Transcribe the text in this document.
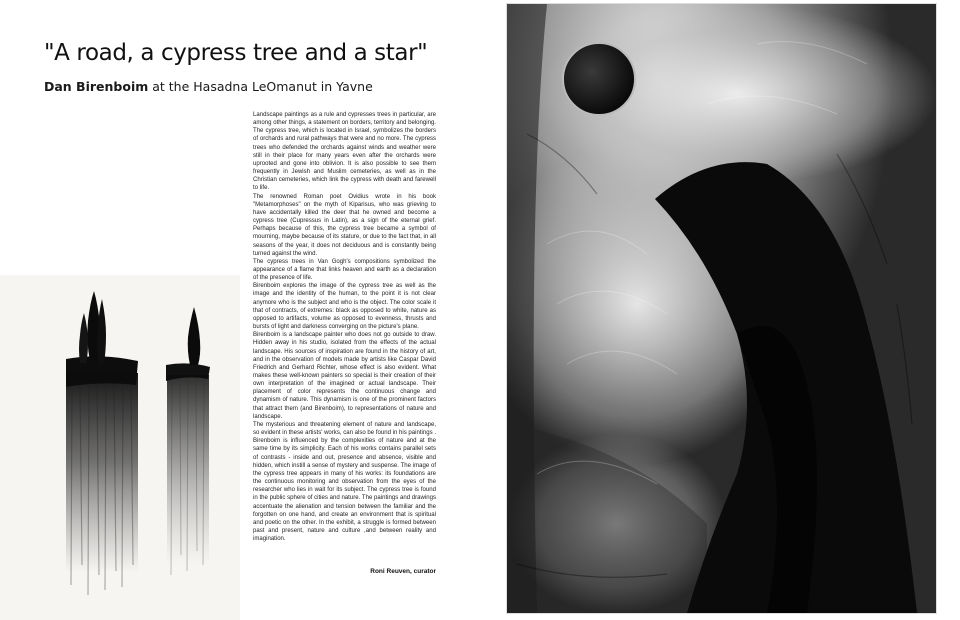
"A road, a cypress tree and a star"
Dan Birenboim at the Hasadna LeOmanut in Yavne

Landscape paintings as a rule and cypresses trees in particular, are among other things, a statement on borders, territory and belonging. The cypress tree, which is located in Israel, symbolizes the borders of orchards and rural pathways that were and no more. The cypress trees who defended the orchards against winds and weather were still in their place for many years even after the orchards were uprooted and gone into oblivion. It is also possible to see them frequently in Jewish and Muslim cemeteries, as well as in the Christian cemeteries, which link the cypress with death and farewell to life.

The renowned Roman poet Ovidius wrote in his book "Metamorphoses" on the myth of Kiparisus, who was grieving to have accidentally killed the deer that he owned and become a cypress tree (Cupressus in Latin), as a sign of the eternal grief. Perhaps because of this, the cypress tree became a symbol of mourning, maybe because of its stature, or due to the fact that, in all seasons of the year, it does not deciduous and is constantly being turned against the wind.

The cypress trees in Van Gogh's compositions symbolized the appearance of a flame that links heaven and earth as a declaration of the presence of life.

Birenboim explores the image of the cypress tree as well as the image and the identity of the human, to the point it is not clear anymore who is the subject and who is the object. The color scale it that of contracts, of extremes: black as opposed to white, nature as opposed to artifacts, volume as opposed to evenness, thrusts and bursts of light and darkness converging on the picture's plane.

Birenboim is a landscape painter who does not go outside to draw. Hidden away in his studio, isolated from the effects of the actual landscape. His sources of inspiration are found in the history of art, and in the observation of models made by artists like Caspar David Friedrich and Gerhard Richter, whose effect is also evident. What makes these well-known painters so special is their creation of their own interpretation of the imagined or actual landscape. Their placement of color represents the continuous change and dynamism of nature. This dynamism is one of the prominent factors that attract them (and Birenboim), to representations of nature and landscape.

The mysterious and threatening element of nature and landscape, so evident in these artists' works, can also be found in his paintings . Birenboim is influenced by the complexities of nature and at the same time by its simplicity. Each of his works contains parallel sets of contrasts - inside and out, presence and absence, visible and hidden, which instill a sense of mystery and suspense. The image of the cypress tree appears in many of his works: its foundations are the continuous monitoring and observation from the eyes of the researcher who lies in wait for its subject. The cypress tree is found in the public sphere of cities and nature. The paintings and drawings accentuate the alienation and tension between the familiar and the forgotten on one hand, and create an environment that is spiritual and poetic on the other. In the exhibit, a struggle is formed between past and present, nature and culture ,and between reality and imagination.

Roni Reuven, curator
